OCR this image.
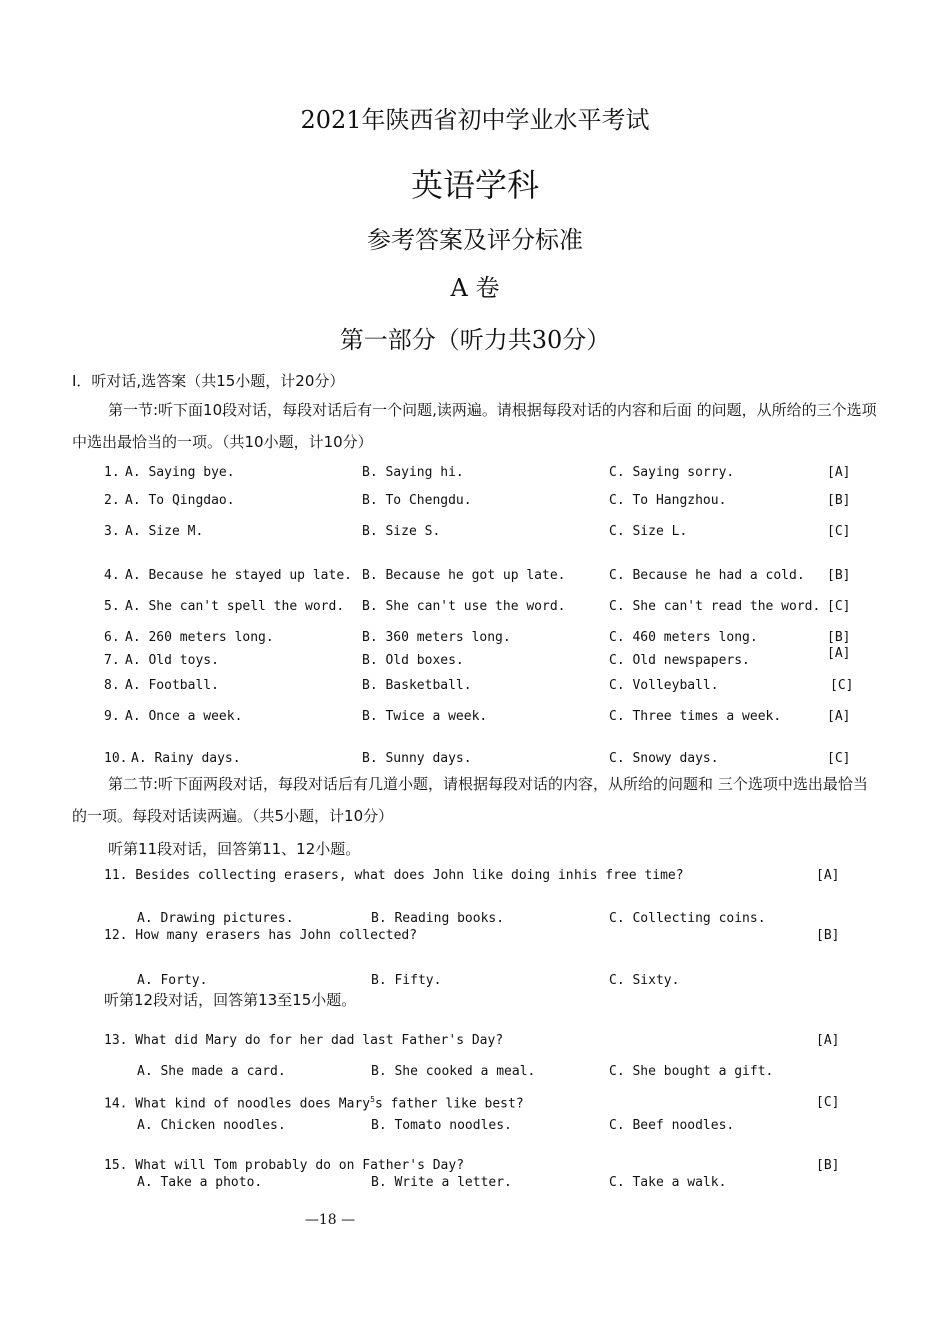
2021年陕西省初中学业水平考试
英语学科
参考答案及评分标准
A 卷
第一部分（听力共30分）
Ⅰ．听对话,选答案（共15小题，计20分）
第一节:听下面10段对话，每段对话后有一个问题,读两遍。请根据每段对话的内容和后面 的问题，从所给的三个选项中选出最恰当的一项。（共10小题，计10分）
1. A. Saying bye.	B. Saying hi.	C. Saying sorry.	[A]
2. A. To Qingdao.	B. To Chengdu.	C. To Hangzhou.	[B]
3. A. Size M.	B. Size S.	C. Size L.	[C]
4. A. Because he stayed up late. B. Because he got up late.	C. Because he had a cold. [B]
5. A. She can't spell the word. B. She can't use the word.	C. She can't read the word. [C]
6. A. 260 meters long.	B. 360 meters long.	C. 460 meters long.	[B]
7. A. Old toys.	B. Old boxes.	C. Old newspapers.	[A]
8. A. Football.	B. Basketball.	C. Volleyball.	[C]
9. A. Once a week.	B. Twice a week.	C. Three times a week.	[A]
10. A. Rainy days.	B. Sunny days.	C. Snowy days.	[C]
第二节:听下面两段对话，每段对话后有几道小题，请根据每段对话的内容，从所给的问题和 三个选项中选出最恰当的一项。每段对话读两遍。（共5小题，计10分）
听第11段对话，回答第11、12小题。
11. Besides collecting erasers, what does John like doing in his free time?	[A]
A. Drawing pictures.	B. Reading books.	C. Collecting coins.
12. How many erasers has John collected?	[B]
A. Forty.	B. Fifty.	C. Sixty.
听第12段对话，回答第13至15小题。
13. What did Mary do for her dad last Father's Day?	[A]
A. She made a card.	B. She cooked a meal.	C. She bought a gift.
14. What kind of noodles does Mary$^5$s father like best?	[C]
A. Chicken noodles.	B. Tomato noodles.	C. Beef noodles.
15. What will Tom probably do on Father's Day?	[B]
A. Take a photo.	B. Write a letter.	C. Take a walk.
—18 —
